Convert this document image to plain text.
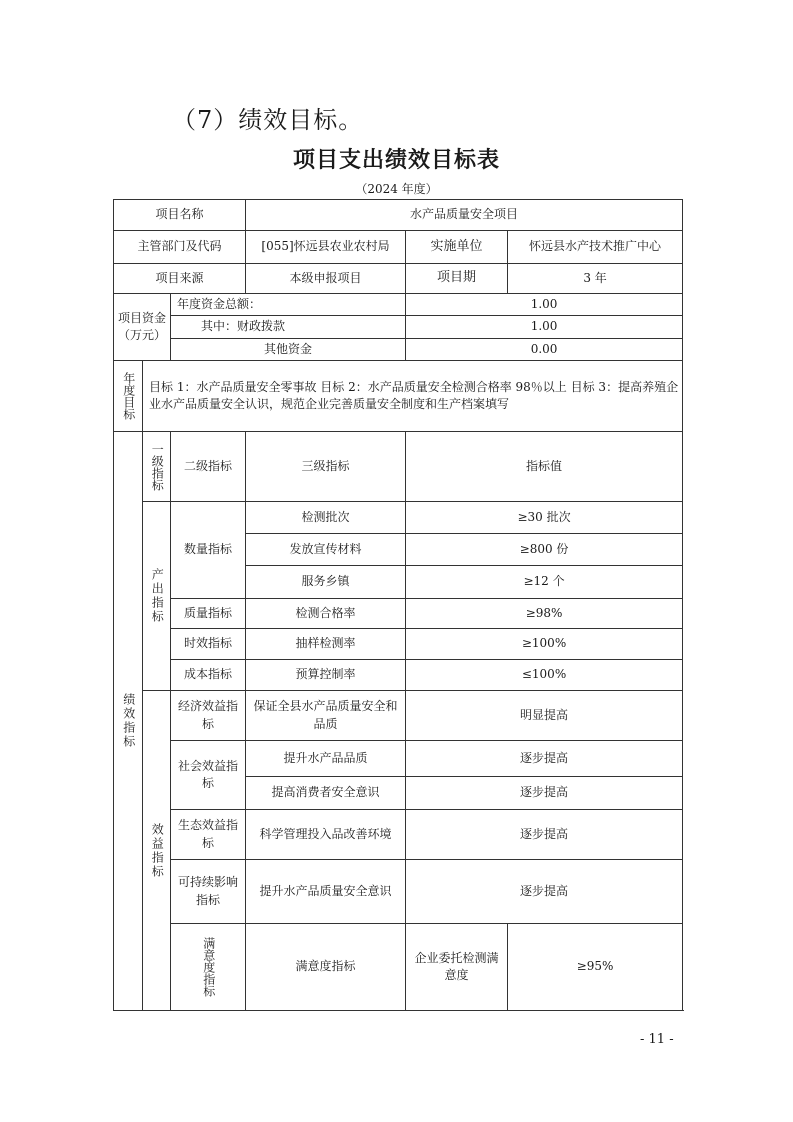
（7）绩效目标。
项目支出绩效目标表
（2024 年度）
项目名称			水产品质量安全项目		
主管部门及代码			[055]怀远县农业农村局	实施单位	怀远县水产技术推广中心
项目来源			本级申报项目	项目期	3 年
项目资金（万元）		年度资金总额：		1.00	
		其中：财政拨款		1.00	
		其他资金		0.00	
年度目标	目标 1：水产品质量安全零事故 目标 2：水产品质量安全检测合格率 98％以上 目标 3：提高养殖企业水产品质量安全认识，规范企业完善质量安全制度和生产档案填写				
绩效指标	一级指标	二级指标	三级指标	指标值	
	产出指标	数量指标	检测批次	≥30 批次	
			发放宣传材料	≥800 份	
			服务乡镇	≥12 个	
		质量指标	检测合格率	≥98%	
		时效指标	抽样检测率	≥100%	
		成本指标	预算控制率	≤100%	
	效益指标	经济效益指标	保证全县水产品质量安全和品质	明显提高	
		社会效益指标	提升水产品品质	逐步提高	
			提高消费者安全意识	逐步提高	
		生态效益指标	科学管理投入品改善环境	逐步提高	
		可持续影响指标	提升水产品质量安全意识	逐步提高	
		满意度指标	满意度指标	企业委托检测满意度	≥95%
- 11 -
